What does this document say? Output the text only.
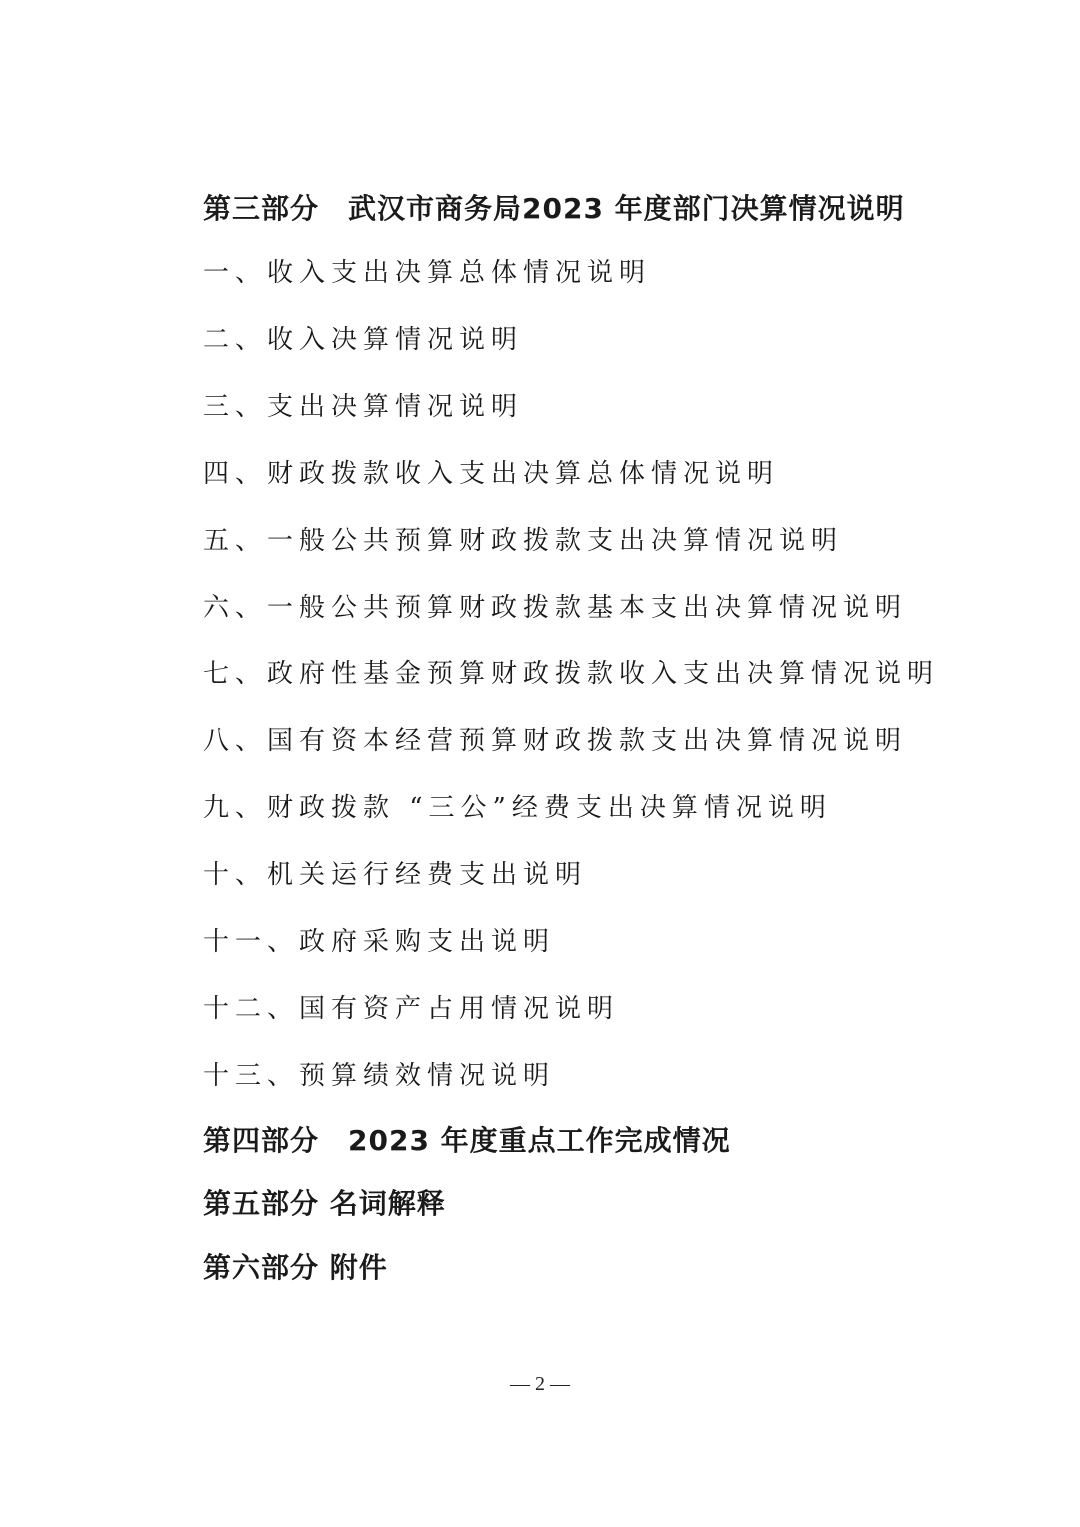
第三部分　武汉市商务局2023 年度部门决算情况说明
一、收入支出决算总体情况说明
二、收入决算情况说明
三、支出决算情况说明
四、财政拨款收入支出决算总体情况说明
五、一般公共预算财政拨款支出决算情况说明
六、一般公共预算财政拨款基本支出决算情况说明
七、政府性基金预算财政拨款收入支出决算情况说明
八、国有资本经营预算财政拨款支出决算情况说明
九、财政拨款 “三公”经费支出决算情况说明
十、机关运行经费支出说明
十一、政府采购支出说明
十二、国有资产占用情况说明
十三、预算绩效情况说明
第四部分　2023 年度重点工作完成情况
第五部分 名词解释
第六部分 附件
— 2 —
